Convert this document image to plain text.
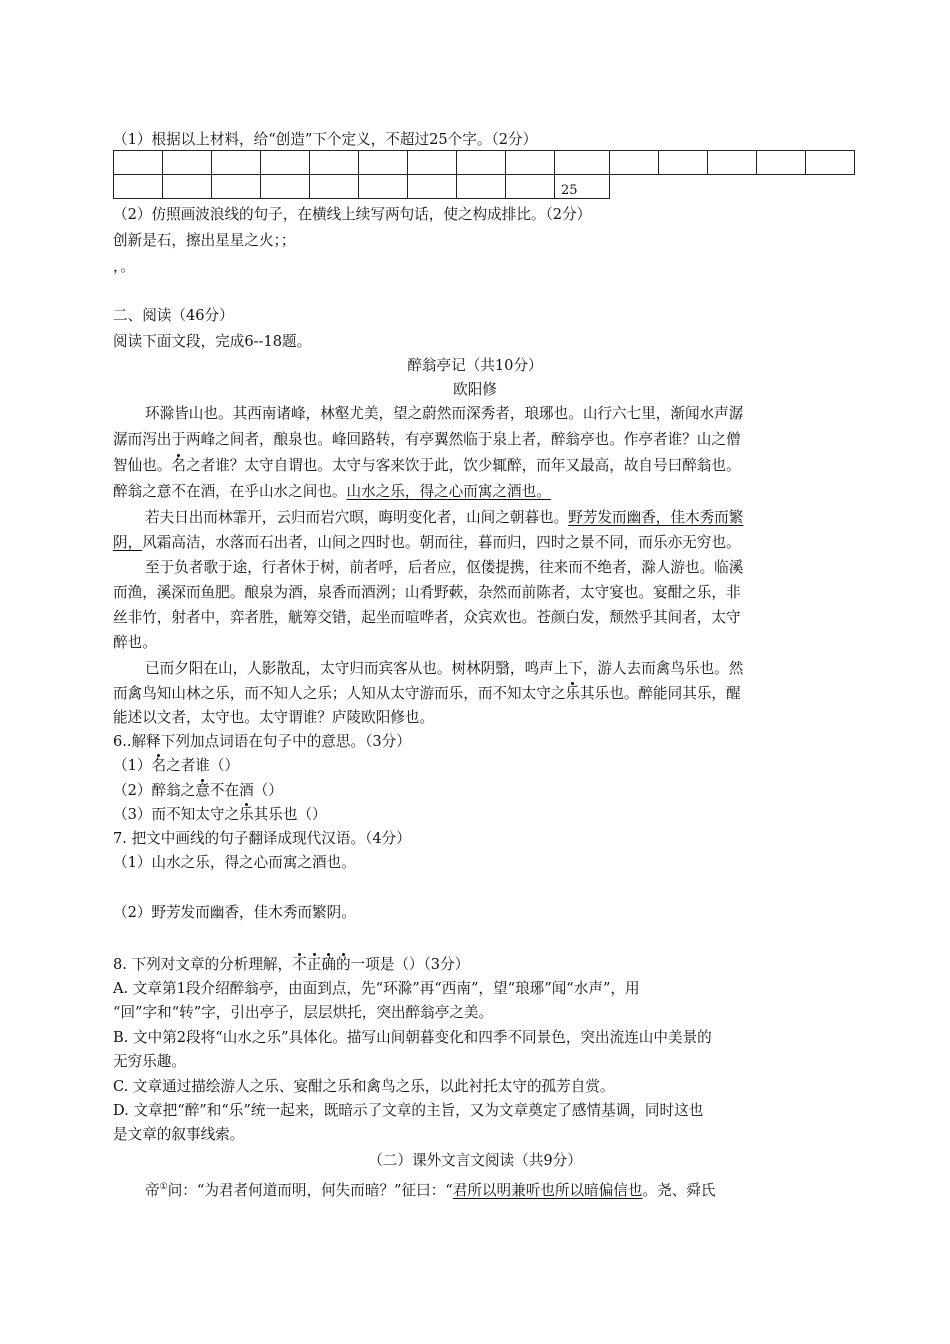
（1）根据以上材料，给“创造”下个定义，不超过25个字。（2分）

									25					
（2）仿照画波浪线的句子，在横线上续写两句话，使之构成排比。（2分）
创新是石，擦出星星之火；；
，。
二、阅读（46分）
阅读下面文段，完成6--18题。
醉翁亭记（共10分）
欧阳修
环滁皆山也。其西南诸峰，林壑尤美，望之蔚然而深秀者，琅琊也。山行六七里，渐闻水声潺
潺而泻出于两峰之间者，酿泉也。峰回路转，有亭翼然临于泉上者，醉翁亭也。作亭者谁？山之僧
智仙也。名之者谁？太守自谓也。太守与客来饮于此，饮少辄醉，而年又最高，故自号曰醉翁也。
醉翁之意不在酒，在乎山水之间也。山水之乐，得之心而寓之酒也。
若夫日出而林霏开，云归而岩穴暝，晦明变化者，山间之朝暮也。野芳发而幽香，佳木秀而繁
阴，风霜高洁，水落而石出者，山间之四时也。朝而往，暮而归，四时之景不同，而乐亦无穷也。
至于负者歌于途，行者休于树，前者呼，后者应，伛偻提携，往来而不绝者，滁人游也。临溪
而渔，溪深而鱼肥。酿泉为酒，泉香而酒洌；山肴野蔌，杂然而前陈者，太守宴也。宴酣之乐，非
丝非竹，射者中，弈者胜，觥筹交错，起坐而喧哗者，众宾欢也。苍颜白发，颓然乎其间者，太守
醉也。
已而夕阳在山，人影散乱，太守归而宾客从也。树林阴翳，鸣声上下，游人去而禽鸟乐也。然
而禽鸟知山林之乐，而不知人之乐；人知从太守游而乐，而不知太守之乐其乐也。醉能同其乐，醒
能述以文者，太守也。太守谓谁？庐陵欧阳修也。
6..解释下列加点词语在句子中的意思。（3分）
（1）名之者谁（）
（2）醉翁之意不在酒（）
（3）而不知太守之乐其乐也（）
7. 把文中画线的句子翻译成现代汉语。（4分）
（1）山水之乐，得之心而寓之酒也。
（2）野芳发而幽香，佳木秀而繁阴。
8. 下列对文章的分析理解，不正确的一项是（）（3分）
A. 文章第1段介绍醉翁亭，由面到点，先“环滁”再“西南”，望“琅琊”闻“水声”，用
“回”字和“转”字，引出亭子，层层烘托，突出醉翁亭之美。
B. 文中第2段将“山水之乐”具体化。描写山间朝暮变化和四季不同景色，突出流连山中美景的
无穷乐趣。
C. 文章通过描绘游人之乐、宴酣之乐和禽鸟之乐，以此衬托太守的孤芳自赏。
D. 文章把“醉”和“乐”统一起来，既暗示了文章的主旨，又为文章奠定了感情基调，同时这也
是文章的叙事线索。
（二）课外文言文阅读（共9分）
帝①问：“为君者何道而明，何失而暗？”征曰：“君所以明兼听也所以暗偏信也。尧、舜氏
